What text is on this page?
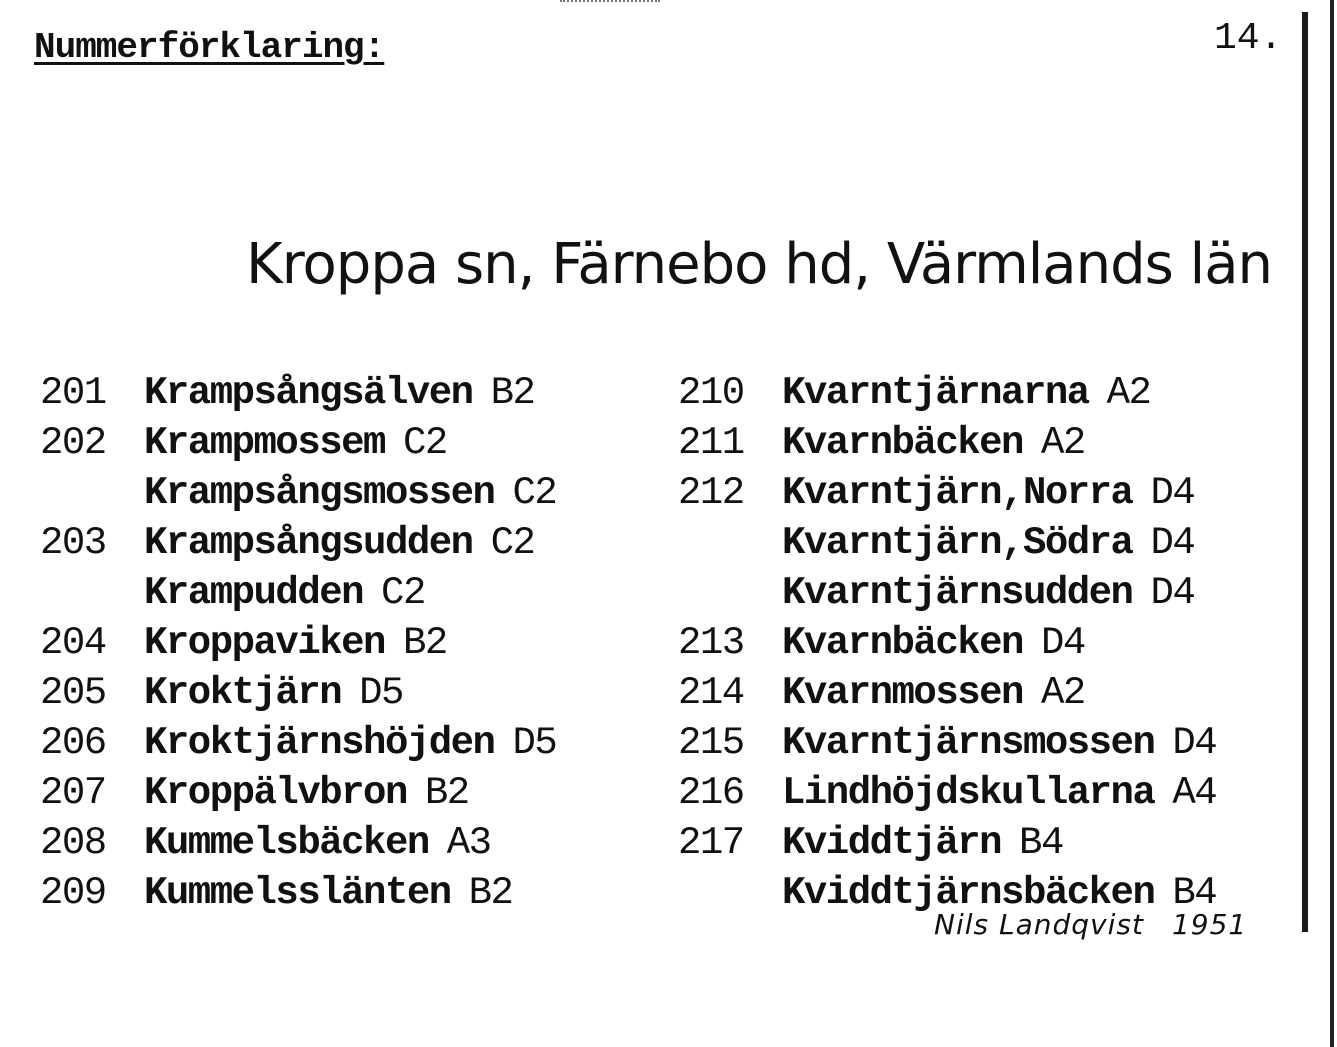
Nummerförklaring:	14.
Kroppa sn, Färnebo hd, Värmlands län
201 Krampsångsälven B2
202 Krampmossem C2
Krampsångsmossen C2
203 Krampsångsudden C2
Krampudden C2
204 Kroppaviken B2
205 Kroktjärn D5
206 Kroktjärnshöjden D5
207 Kroppälvbron B2
208 Kummelsbäcken A3
209 Kummelsslänten B2
210 Kvarntjärnarna A2
211 Kvarnbäcken A2
212 Kvarntjärn,Norra D4
Kvarntjärn,Södra D4
Kvarntjärnsudden D4
213 Kvarnbäcken D4
214 Kvarnmossen A2
215 Kvarntjärnsmossen D4
216 Lindhöjdskullarna A4
217 Kviddtjärn B4
Kviddtjärnsbäcken B4
Nils Landqvist 1951
